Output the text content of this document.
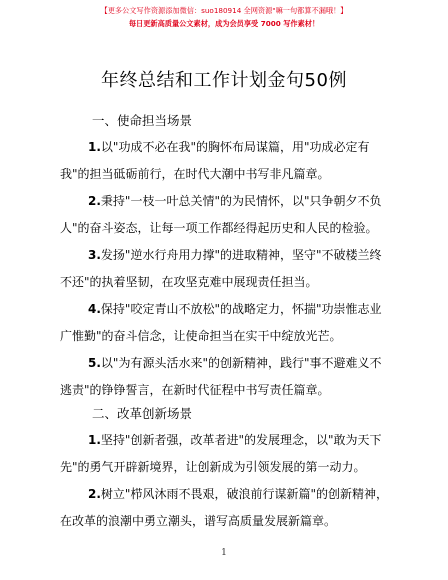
【更多公文写作资源添加微信：suo180914 全网资源"嘛一句都算不漏哦！】
每日更新高质量公文素材，成为会员享受 7000 写作素材！
年终总结和工作计划金句50例
一、使命担当场景

1.以"功成不必在我"的胸怀布局谋篇，用"功成必定有我"的担当砥砺前行，在时代大潮中书写非凡篇章。

2.秉持"一枝一叶总关情"的为民情怀，以"只争朝夕不负人"的奋斗姿态，让每一项工作都经得起历史和人民的检验。

3.发扬"逆水行舟用力撑"的进取精神，坚守"不破楼兰终不还"的执着坚韧，在攻坚克难中展现责任担当。

4.保持"咬定青山不放松"的战略定力，怀揣"功崇惟志业广惟勤"的奋斗信念，让使命担当在实干中绽放光芒。

5.以"为有源头活水来"的创新精神，践行"事不避难义不逃责"的铮铮誓言，在新时代征程中书写责任篇章。

二、改革创新场景

1.坚持"创新者强，改革者进"的发展理念，以"敢为天下先"的勇气开辟新境界，让创新成为引领发展的第一动力。

2.树立"栉风沐雨不畏艰，破浪前行谋新篇"的创新精神，在改革的浪潮中勇立潮头，谱写高质量发展新篇章。

1
